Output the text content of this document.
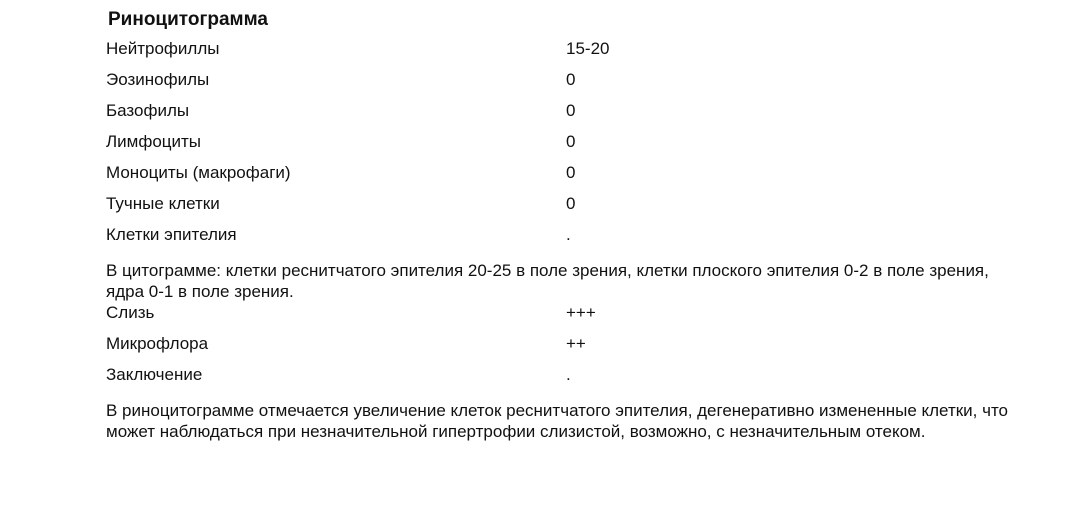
Риноцитограмма
Нейтрофиллы	15-20
Эозинофилы	0
Базофилы	0
Лимфоциты	0
Моноциты (макрофаги)	0
Тучные клетки	0
Клетки эпителия	.

В цитограмме: клетки реснитчатого эпителия 20-25 в поле зрения, клетки плоского эпителия 0-2 в поле зрения, ядра 0-1 в поле зрения.

Слизь	+++
Микрофлора	++
Заключение	.

В риноцитограмме отмечается увеличение клеток реснитчатого эпителия, дегенеративно измененные клетки, что может наблюдаться при незначительной гипертрофии слизистой, возможно, с незначительным отеком.
